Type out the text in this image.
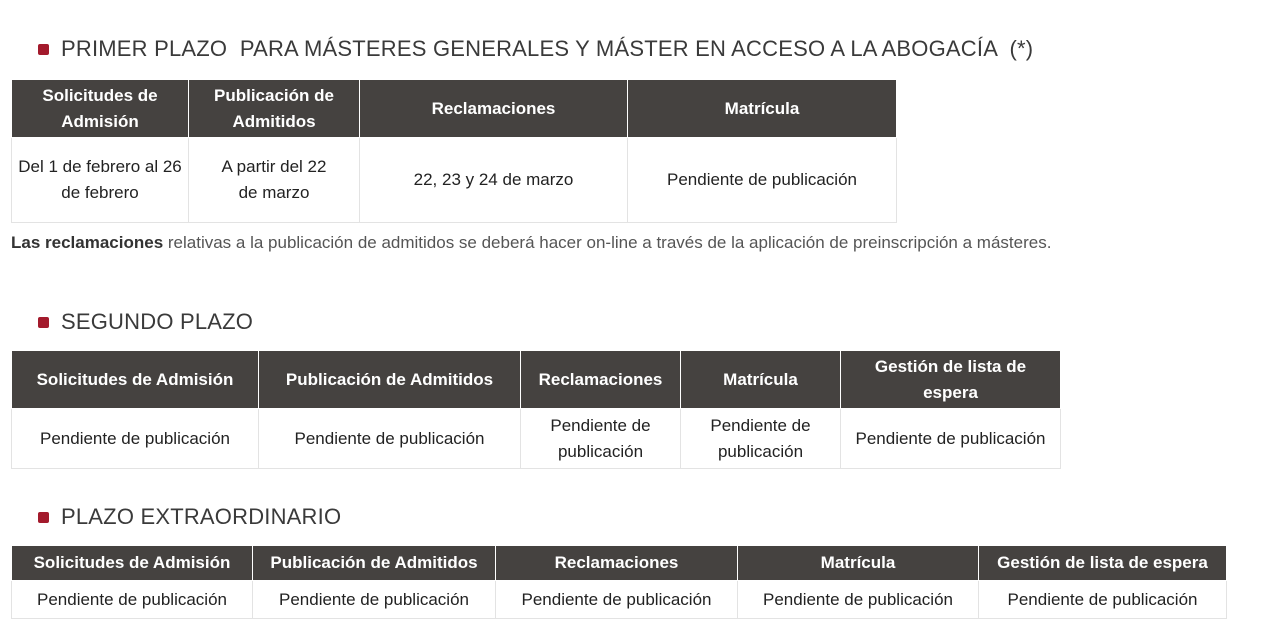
PRIMER PLAZO  PARA MÁSTERES GENERALES Y MÁSTER EN ACCESO A LA ABOGACÍA  (*)
Solicitudes de Admisión	Publicación de Admitidos	Reclamaciones	Matrícula
Del 1 de febrero al 26 de febrero	A partir del 22 de marzo	22, 23 y 24 de marzo	Pendiente de publicación
Las reclamaciones relativas a la publicación de admitidos se deberá hacer on-line a través de la aplicación de preinscripción a másteres.
SEGUNDO PLAZO
Solicitudes de Admisión	Publicación de Admitidos	Reclamaciones	Matrícula	Gestión de lista de espera
Pendiente de publicación	Pendiente de publicación	Pendiente de publicación	Pendiente de publicación	Pendiente de publicación
PLAZO EXTRAORDINARIO
Solicitudes de Admisión	Publicación de Admitidos	Reclamaciones	Matrícula	Gestión de lista de espera
Pendiente de publicación	Pendiente de publicación	Pendiente de publicación	Pendiente de publicación	Pendiente de publicación
